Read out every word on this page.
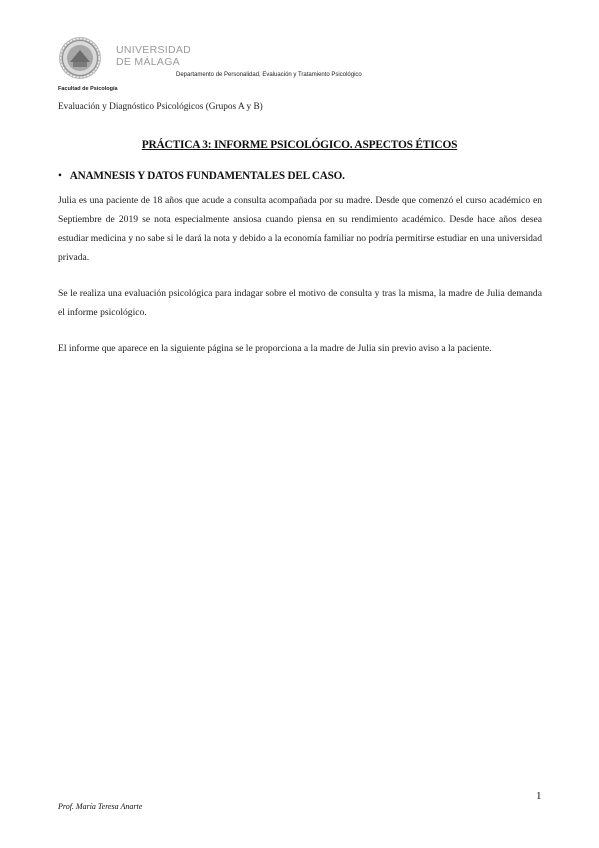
UNIVERSIDAD
DE MÁLAGA
Departamento de Personalidad, Evaluación y Tratamiento Psicológico
Facultad de Psicología
Evaluación y Diagnóstico Psicológicos (Grupos A y B)
PRÁCTICA 3: INFORME PSICOLÓGICO. ASPECTOS ÉTICOS
• ANAMNESIS Y DATOS FUNDAMENTALES DEL CASO.
Julia es una paciente de 18 años que acude a consulta acompañada por su madre. Desde que comenzó el curso académico en Septiembre de 2019 se nota especialmente ansiosa cuando piensa en su rendimiento académico. Desde hace años desea estudiar medicina y no sabe si le dará la nota y debido a la economía familiar no podría permitirse estudiar en una universidad privada.
Se le realiza una evaluación psicológica para indagar sobre el motivo de consulta y tras la misma, la madre de Julia demanda el informe psicológico.
El informe que aparece en la siguiente página se le proporciona a la madre de Julia sin previo aviso a la paciente.
1
Prof. María Teresa Anarte
